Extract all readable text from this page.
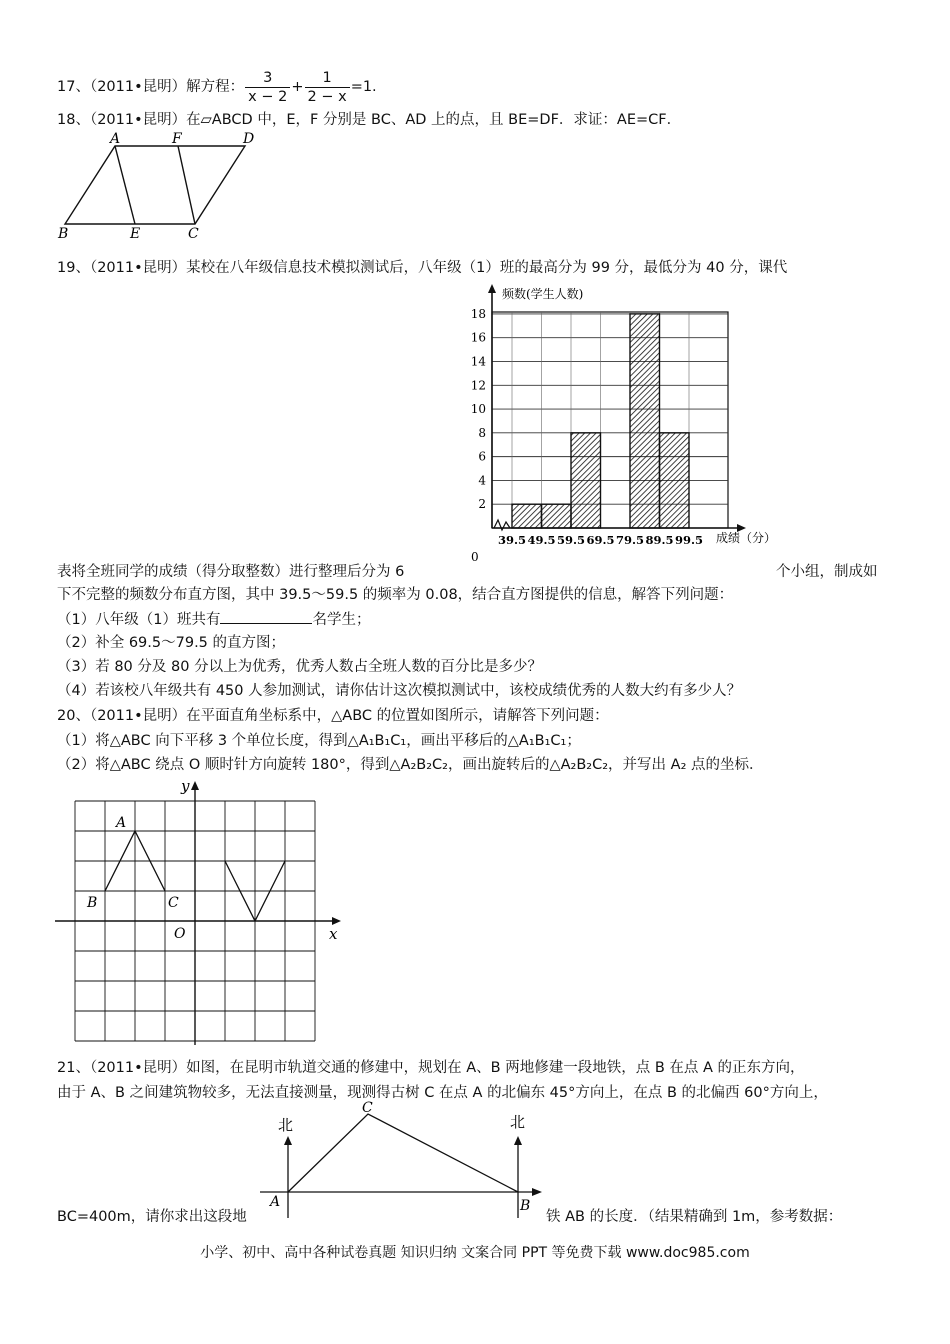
17、（2011•昆明）解方程： $\frac{3}{x - 2} + \frac{1}{2 - x} =1$.
18、（2011•昆明）在▱ABCD 中，E，F 分别是 BC、AD 上的点，且 BE=DF．求证：AE=CF．
A	F	D
B	E	C
19、（2011•昆明）某校在八年级信息技术模拟测试后，八年级（1）班的最高分为 99 分，最低分为 40 分，课代
2
4
6
8
10
12
14
16
18
39.5 49.5 59.5 69.5 79.5 89.5 99.5
频数(学生人数)
成绩（分）
0
表将全班同学的成绩（得分取整数）进行整理后分为 6	个小组，制成如
下不完整的频数分布直方图，其中 39.5～59.5 的频率为 0.08，结合直方图提供的信息，解答下列问题：
（1）八年级（1）班共有	名学生；
（2）补全 69.5～79.5 的直方图；
（3）若 80 分及 80 分以上为优秀，优秀人数占全班人数的百分比是多少？
（4）若该校八年级共有 450 人参加测试，请你估计这次模拟测试中，该校成绩优秀的人数大约有多少人？
20、（2011•昆明）在平面直角坐标系中，△ABC 的位置如图所示，请解答下列问题：
（1）将△ABC 向下平移 3 个单位长度，得到△A₁B₁C₁，画出平移后的△A₁B₁C₁；
（2）将△ABC 绕点 O 顺时针方向旋转 180°，得到△A₂B₂C₂，画出旋转后的△A₂B₂C₂，并写出 A₂ 点的坐标．
y
x
A
B	C
O
21、（2011•昆明）如图，在昆明市轨道交通的修建中，规划在 A、B 两地修建一段地铁，点 B 在点 A 的正东方向，
由于 A、B 之间建筑物较多，无法直接测量，现测得古树 C 在点 A 的北偏东 45°方向上，在点 B 的北偏西 60°方向上，
北	北
A	B
C
BC=400m，请你求出这段地	铁 AB 的长度．（结果精确到 1m，参考数据：
小学、初中、高中各种试卷真题 知识归纳 文案合同 PPT 等免费下载 www.doc985.com
